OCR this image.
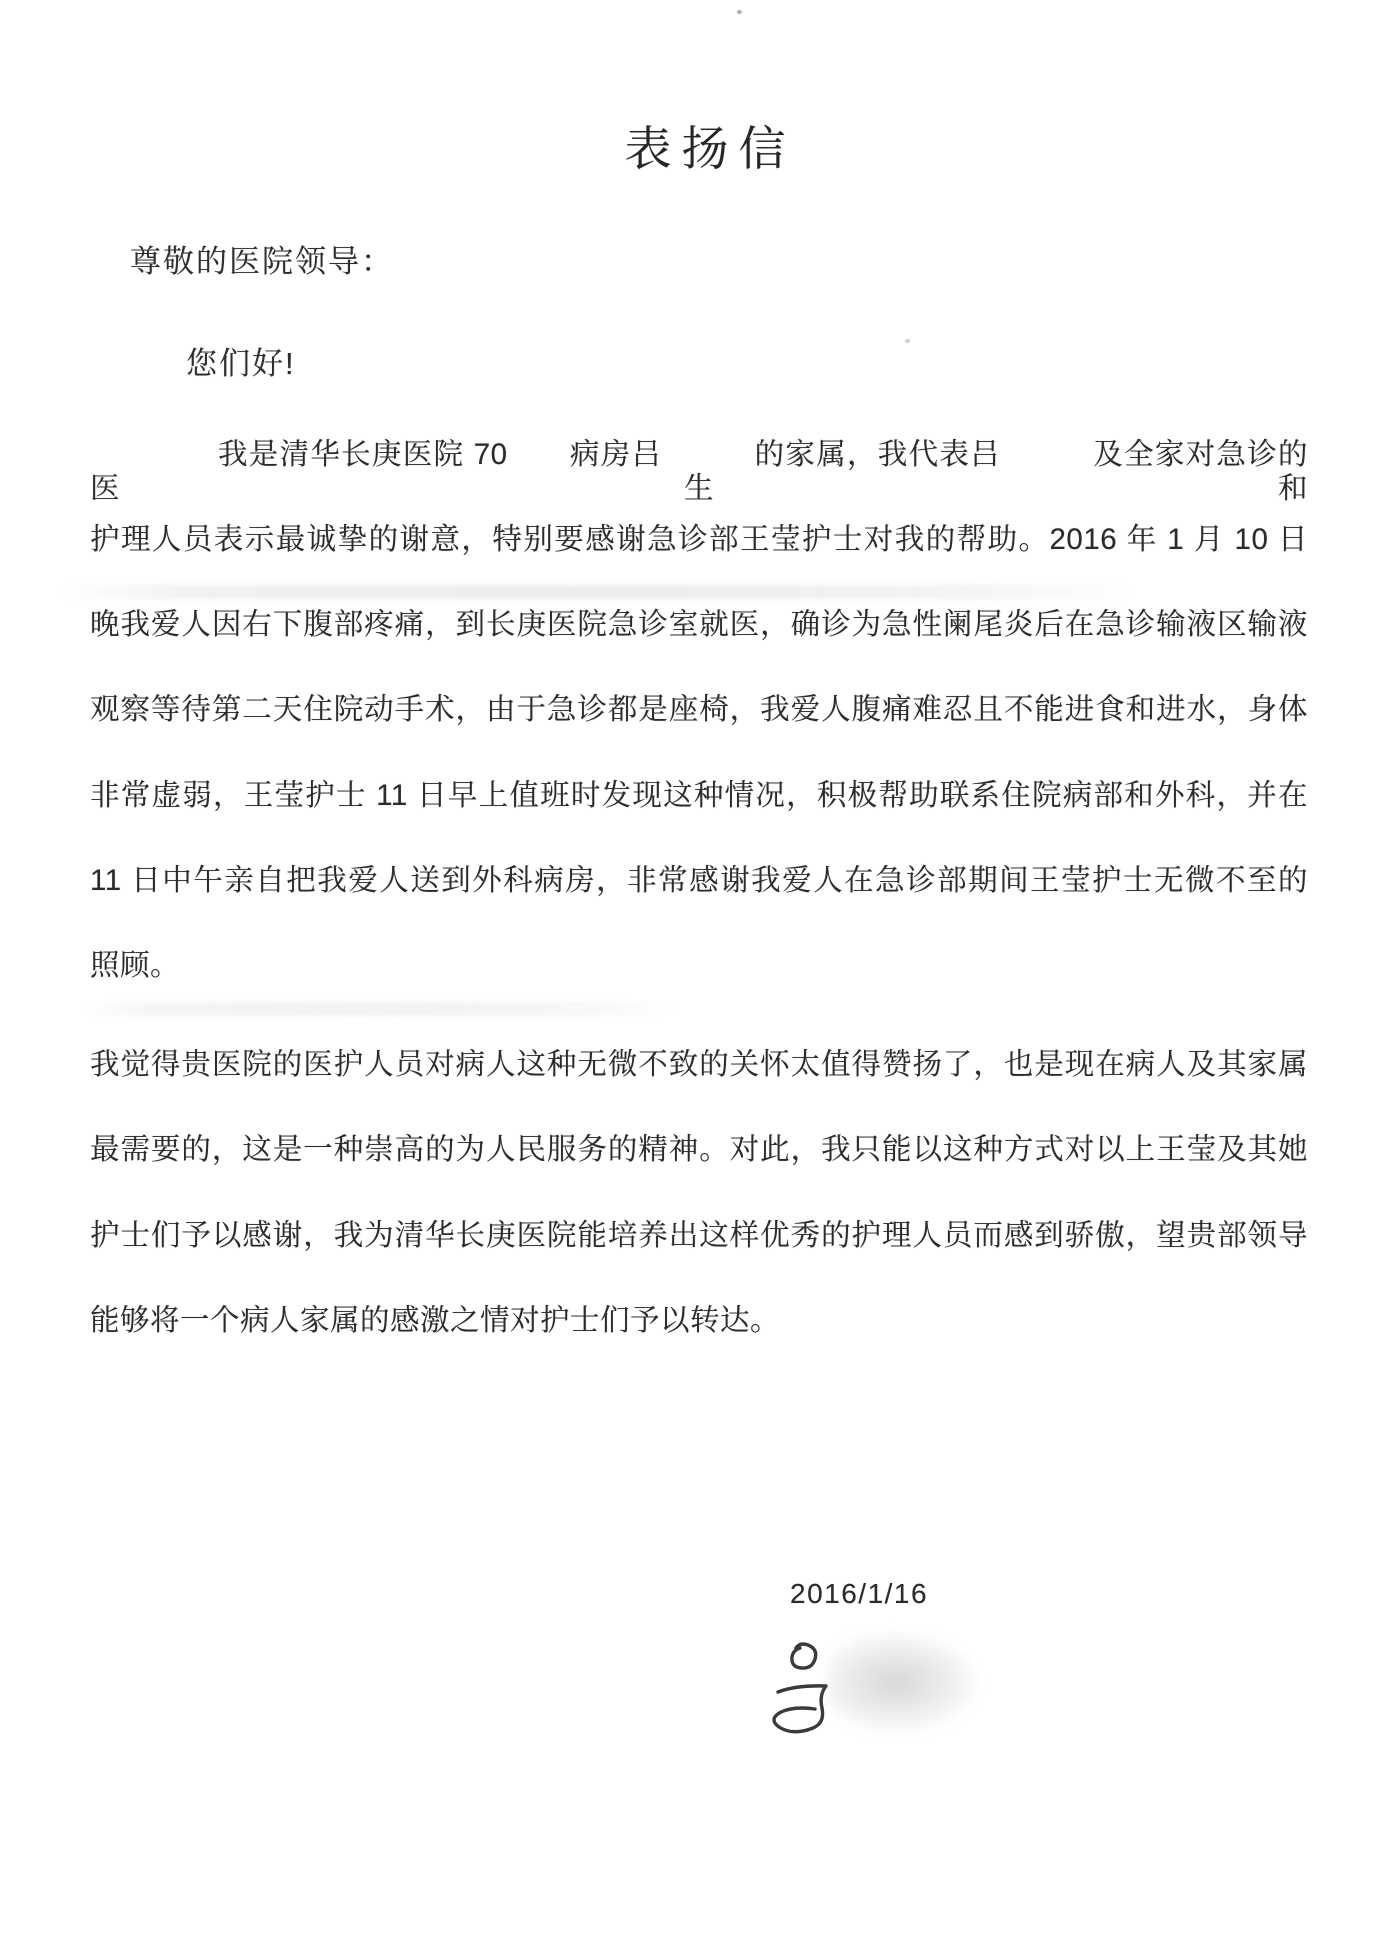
表扬信
尊敬的医院领导：
您们好!
我是清华长庚医院 70　　病房吕　　　的家属，我代表吕　　　及全家对急诊的医生和
护理人员表示最诚挚的谢意，特别要感谢急诊部王莹护士对我的帮助。2016 年 1 月 10 日
晚我爱人因右下腹部疼痛，到长庚医院急诊室就医，确诊为急性阑尾炎后在急诊输液区输液
观察等待第二天住院动手术，由于急诊都是座椅，我爱人腹痛难忍且不能进食和进水，身体
非常虚弱，王莹护士 11 日早上值班时发现这种情况，积极帮助联系住院病部和外科，并在
11 日中午亲自把我爱人送到外科病房，非常感谢我爱人在急诊部期间王莹护士无微不至的
照顾。
我觉得贵医院的医护人员对病人这种无微不致的关怀太值得赞扬了，也是现在病人及其家属
最需要的，这是一种崇高的为人民服务的精神。对此，我只能以这种方式对以上王莹及其她
护士们予以感谢，我为清华长庚医院能培养出这样优秀的护理人员而感到骄傲，望贵部领导
能够将一个病人家属的感激之情对护士们予以转达。
2016/1/16
